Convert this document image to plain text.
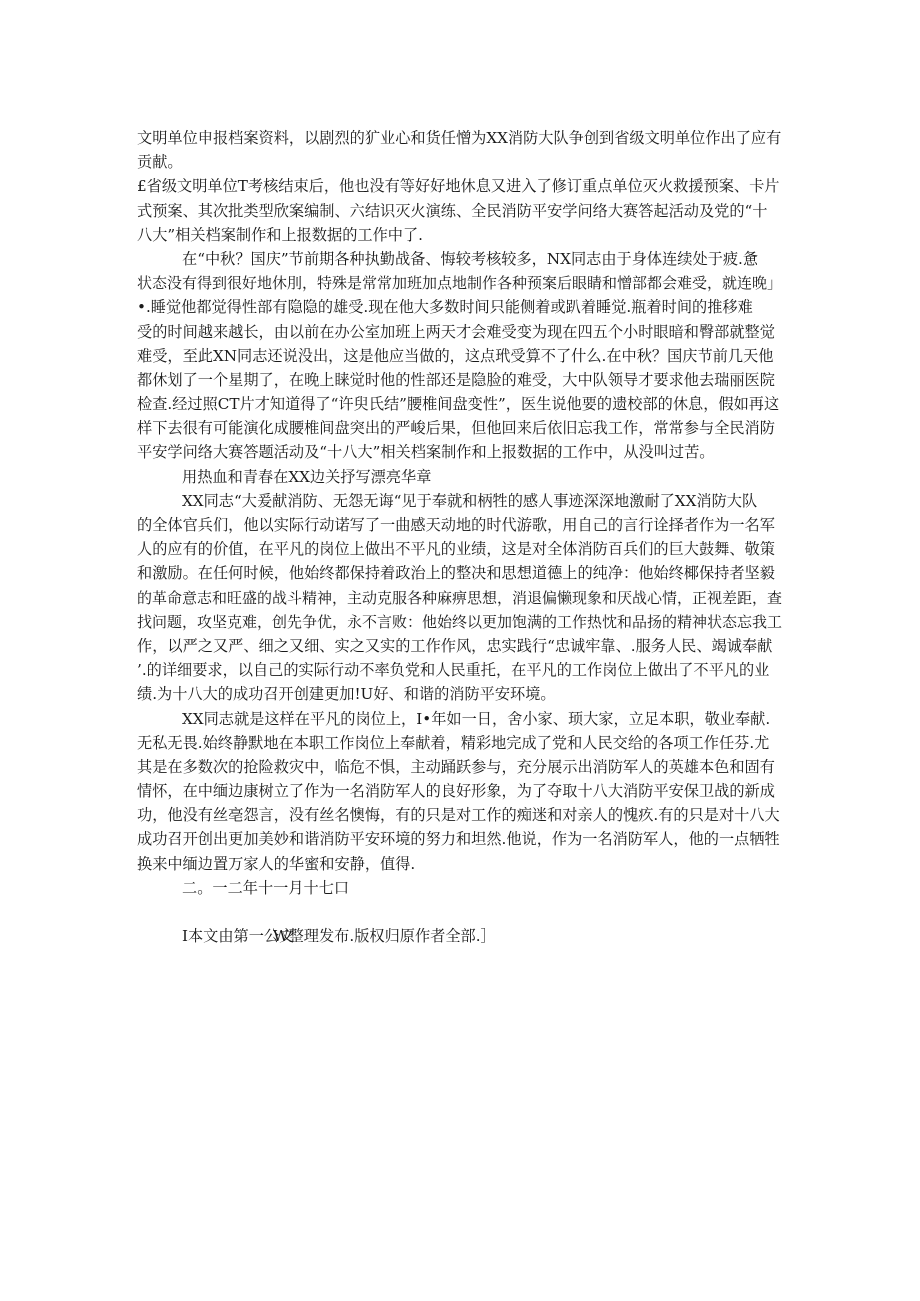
文明单位申报档案资料，以剧烈的犷业心和货任憎为XX消防大队争创到省级文明单位作出了应有
贡献。
£省级文明单位T考核结束后，他也没有等好好地休息又进入了修订重点单位灭火救援预案、卡片
式预案、其次批类型欣案编制、六结识灭火演练、全民消防平安学问络大赛答起活动及党的“十
八大”相关档案制作和上报数据的工作中了.
在“中秋？国庆”节前期各种执勤战备、悔较考核较多，NX同志由于身体连续处于疲.惫
状态没有得到很好地休刖，特殊是常常加班加点地制作各种预案后眼睛和憎部都会难受，就连晚」
•.睡觉他都觉得性部有隐隐的雄受.现在他大多数时间只能侧着或趴着睡觉.瓶着时间的推移难
受的时间越来越长，由以前在办公室加班上两天才会难受变为现在四五个小时眼暗和臀部就整觉
难受，至此XN同志还说没出，这是他应当做的，这点玳受算不了什么.在中秋？国庆节前几天他
都休划了一个星期了，在晚上睐觉时他的性部还是隐脸的难受，大中队领导才要求他去瑞丽医院
检查.经过照CT片才知道得了“许臾氏结”腰椎间盘变性”，医生说他要的遗校部的休息，假如再这
样下去很有可能演化成腰椎间盘突出的严峻后果，但他回来后依旧忘我工作，常常参与全民消防
平安学问络大赛答题活动及“十八大”相关档案制作和上报数据的工作中，从没叫过苦。
用热血和青春在XX边关抒写漂亮华章
XX同志“大爰献消防、无怨无诲“见于奉就和柄牲的感人事迹深深地激耐了XX消防大队
的全体官兵们，他以实际行动诺写了一曲感天动地的时代游歌，用自己的言行诠择者作为一名军
人的应有的价值，在平凡的岗位上做出不平凡的业绩，这是对全体消防百兵们的巨大鼓舞、敬策
和激励。在任何时候，他始终都保持着政治上的整决和思想道德上的纯净：他始终椰保持者坚毅
的革命意志和旺盛的战斗精神，主动克服各种麻痹思想，消退偏懒现象和厌战心情，正视差距，查
找问题，攻坚克难，创先争优，永不言败：他始终以更加饱满的工作热忱和品扬的精神状态忘我工
作，以严之又严、细之又细、实之又实的工作作风，忠实践行“忠诚牢靠、.服务人民、竭诚奉献
’.的详细要求，以自己的实际行动不率负党和人民重托，在平凡的工作岗位上做出了不平凡的业
绩.为十八大的成功召开创建更加!U好、和谐的消防平安环境。
XX同志就是这样在平凡的岗位上，I•年如一日，舍小家、顼大家，立足本职，敬业奉献.
无私无畏.始终静默地在本职工作岗位上奉献着，精彩地完成了党和人民交给的各项工作任芬.尤
其是在多数次的抢险救灾中，临危不惧，主动踊跃参与，充分展示出消防军人的英雄本色和固有
情怀，在中缅边康树立了作为一名消防军人的良好形象，为了夺取十八大消防平安保卫战的新成
功，他没有丝亳怨言，没有丝名懊悔，有的只是对工作的痴迷和对亲人的愧疚.有的只是对十八大
成功召开创出更加美妙和谐消防平安环境的努力和坦然.他说，作为一名消防军人，他的一点牺牲
换来中缅边置万家人的华蜜和安静，值得.
二。一二年十一月十七口
I本文由第一公文W整理发布.版权归原作者全部.］
